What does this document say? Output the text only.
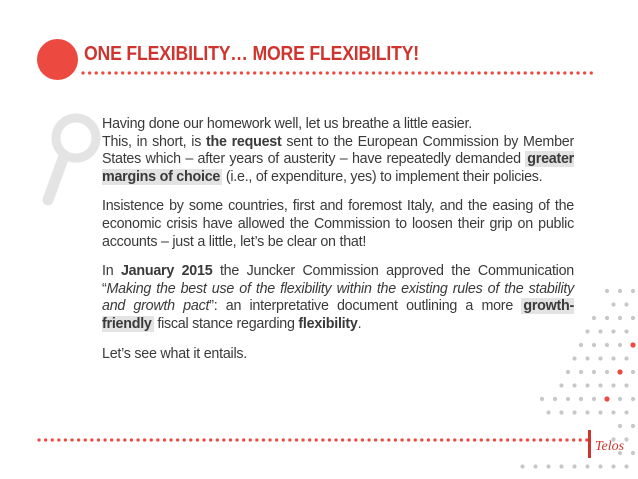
ONE FLEXIBILITY… MORE FLEXIBILITY!

Having done our homework well, let us breathe a little easier.
This, in short, is the request sent to the European Commission by Member States which – after years of austerity – have repeatedly demanded greater margins of choice (i.e., of expenditure, yes) to implement their policies.

Insistence by some countries, first and foremost Italy, and the easing of the economic crisis have allowed the Commission to loosen their grip on public accounts – just a little, let’s be clear on that!

In January 2015 the Juncker Commission approved the Communication “Making the best use of the flexibility within the existing rules of the stability and growth pact”: an interpretative document outlining a more growth-friendly fiscal stance regarding flexibility.

Let’s see what it entails.

Telos
